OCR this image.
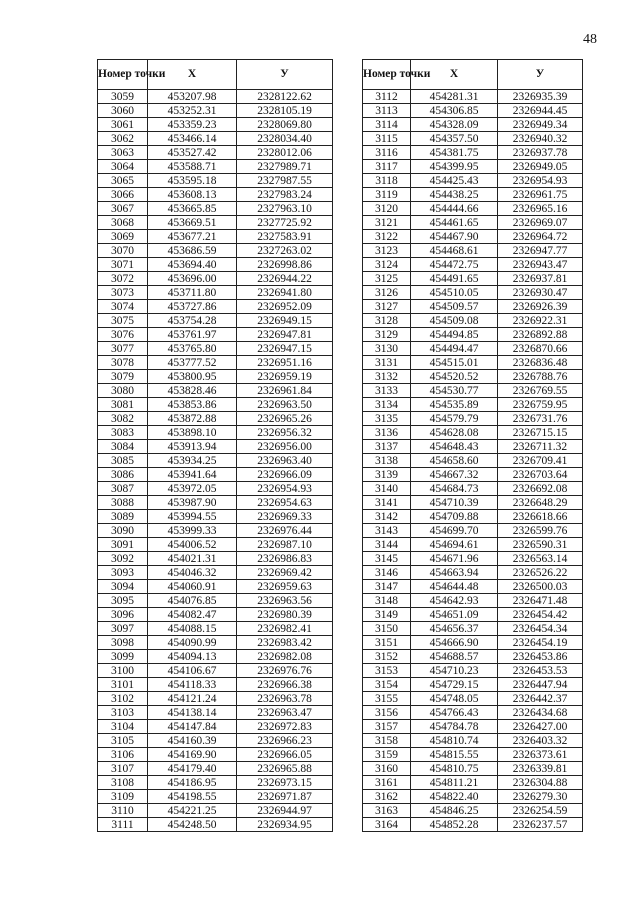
48
Номер точки	X	У
3059	453207.98	2328122.62
3060	453252.31	2328105.19
3061	453359.23	2328069.80
3062	453466.14	2328034.40
3063	453527.42	2328012.06
3064	453588.71	2327989.71
3065	453595.18	2327987.55
3066	453608.13	2327983.24
3067	453665.85	2327963.10
3068	453669.51	2327725.92
3069	453677.21	2327583.91
3070	453686.59	2327263.02
3071	453694.40	2326998.86
3072	453696.00	2326944.22
3073	453711.80	2326941.80
3074	453727.86	2326952.09
3075	453754.28	2326949.15
3076	453761.97	2326947.81
3077	453765.80	2326947.15
3078	453777.52	2326951.16
3079	453800.95	2326959.19
3080	453828.46	2326961.84
3081	453853.86	2326963.50
3082	453872.88	2326965.26
3083	453898.10	2326956.32
3084	453913.94	2326956.00
3085	453934.25	2326963.40
3086	453941.64	2326966.09
3087	453972.05	2326954.93
3088	453987.90	2326954.63
3089	453994.55	2326969.33
3090	453999.33	2326976.44
3091	454006.52	2326987.10
3092	454021.31	2326986.83
3093	454046.32	2326969.42
3094	454060.91	2326959.63
3095	454076.85	2326963.56
3096	454082.47	2326980.39
3097	454088.15	2326982.41
3098	454090.99	2326983.42
3099	454094.13	2326982.08
3100	454106.67	2326976.76
3101	454118.33	2326966.38
3102	454121.24	2326963.78
3103	454138.14	2326963.47
3104	454147.84	2326972.83
3105	454160.39	2326966.23
3106	454169.90	2326966.05
3107	454179.40	2326965.88
3108	454186.95	2326973.15
3109	454198.55	2326971.87
3110	454221.25	2326944.97
3111	454248.50	2326934.95
Номер точки	X	У
3112	454281.31	2326935.39
3113	454306.85	2326944.45
3114	454328.09	2326949.34
3115	454357.50	2326940.32
3116	454381.75	2326937.78
3117	454399.95	2326949.05
3118	454425.43	2326954.93
3119	454438.25	2326961.75
3120	454444.66	2326965.16
3121	454461.65	2326969.07
3122	454467.90	2326964.72
3123	454468.61	2326947.77
3124	454472.75	2326943.47
3125	454491.65	2326937.81
3126	454510.05	2326930.47
3127	454509.57	2326926.39
3128	454509.08	2326922.31
3129	454494.85	2326892.88
3130	454494.47	2326870.66
3131	454515.01	2326836.48
3132	454520.52	2326788.76
3133	454530.77	2326769.55
3134	454535.89	2326759.95
3135	454579.79	2326731.76
3136	454628.08	2326715.15
3137	454648.43	2326711.32
3138	454658.60	2326709.41
3139	454667.32	2326703.64
3140	454684.73	2326692.08
3141	454710.39	2326648.29
3142	454709.88	2326618.66
3143	454699.70	2326599.76
3144	454694.61	2326590.31
3145	454671.96	2326563.14
3146	454663.94	2326526.22
3147	454644.48	2326500.03
3148	454642.93	2326471.48
3149	454651.09	2326454.42
3150	454656.37	2326454.34
3151	454666.90	2326454.19
3152	454688.57	2326453.86
3153	454710.23	2326453.53
3154	454729.15	2326447.94
3155	454748.05	2326442.37
3156	454766.43	2326434.68
3157	454784.78	2326427.00
3158	454810.74	2326403.32
3159	454815.55	2326373.61
3160	454810.75	2326339.81
3161	454811.21	2326304.88
3162	454822.40	2326279.30
3163	454846.25	2326254.59
3164	454852.28	2326237.57
